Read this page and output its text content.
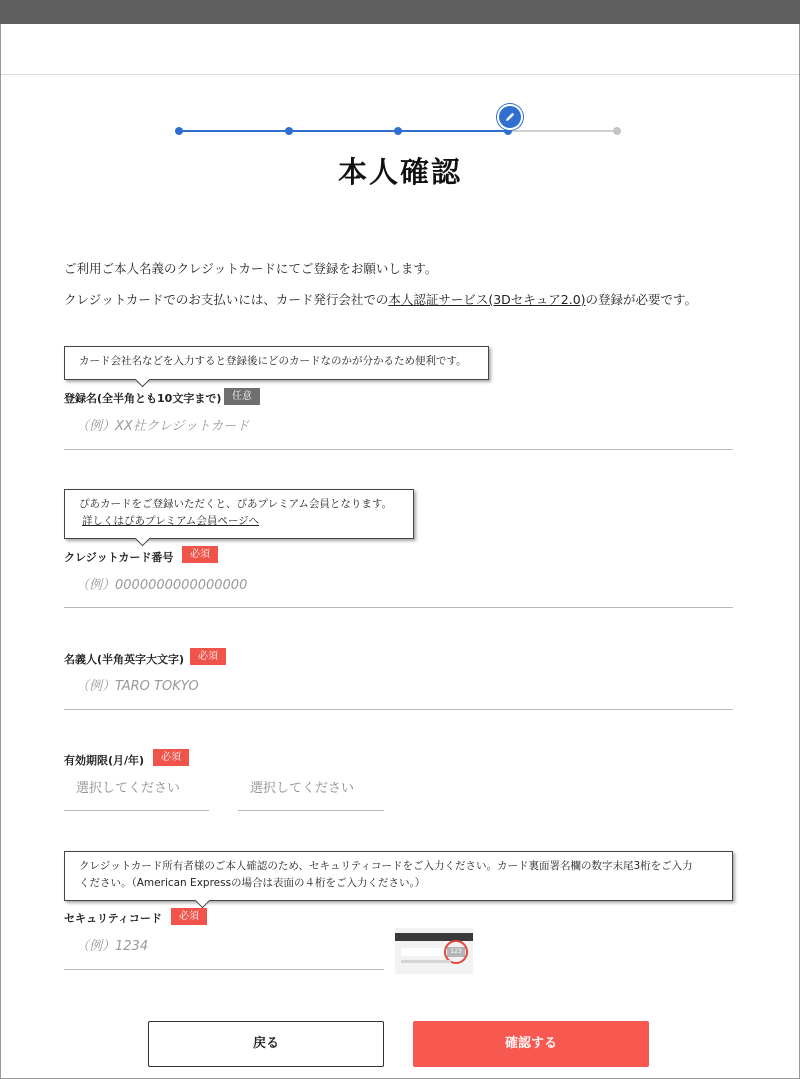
本人確認
ご利用ご本人名義のクレジットカードにてご登録をお願いします。
クレジットカードでのお支払いには、カード発行会社での本人認証サービス(3Dセキュア2.0)の登録が必要です。
カード会社名などを入力すると登録後にどのカードなのかが分かるため便利です。
登録名(全半角とも10文字まで)	任意
（例）XX社クレジットカード
ぴあカードをご登録いただくと、ぴあプレミアム会員となります。
詳しくはぴあプレミアム会員ページへ
クレジットカード番号	必須
（例）0000000000000000
名義人(半角英字大文字)	必須
（例）TARO TOKYO
有効期限(月/年)	必須
選択してください	選択してください
クレジットカード所有者様のご本人確認のため、セキュリティコードをご入力ください。カード裏面署名欄の数字末尾3桁をご入力
ください。（American Expressの場合は表面の４桁をご入力ください。）
セキュリティコード	必須
（例）1234	123
戻る	確認する
